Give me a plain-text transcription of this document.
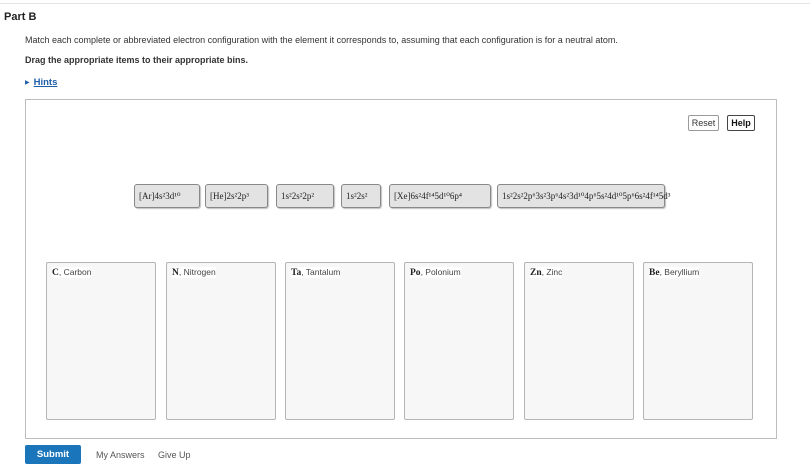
Part B
Match each complete or abbreviated electron configuration with the element it corresponds to, assuming that each configuration is for a neutral atom.
Drag the appropriate items to their appropriate bins.
▶ Hints
Reset	Help
[Ar]4s²3d¹⁰	[He]2s²2p³	1s²2s²2p²	1s²2s²	[Xe]6s²4f¹⁴5d¹⁰6p⁴	1s²2s²2p⁶3s²3p⁶4s²3d¹⁰4p⁶5s²4d¹⁰5p⁶6s²4f¹⁴5d³
C, Carbon	N, Nitrogen	Ta, Tantalum	Po, Polonium	Zn, Zinc	Be, Beryllium
Submit	My Answers Give Up
